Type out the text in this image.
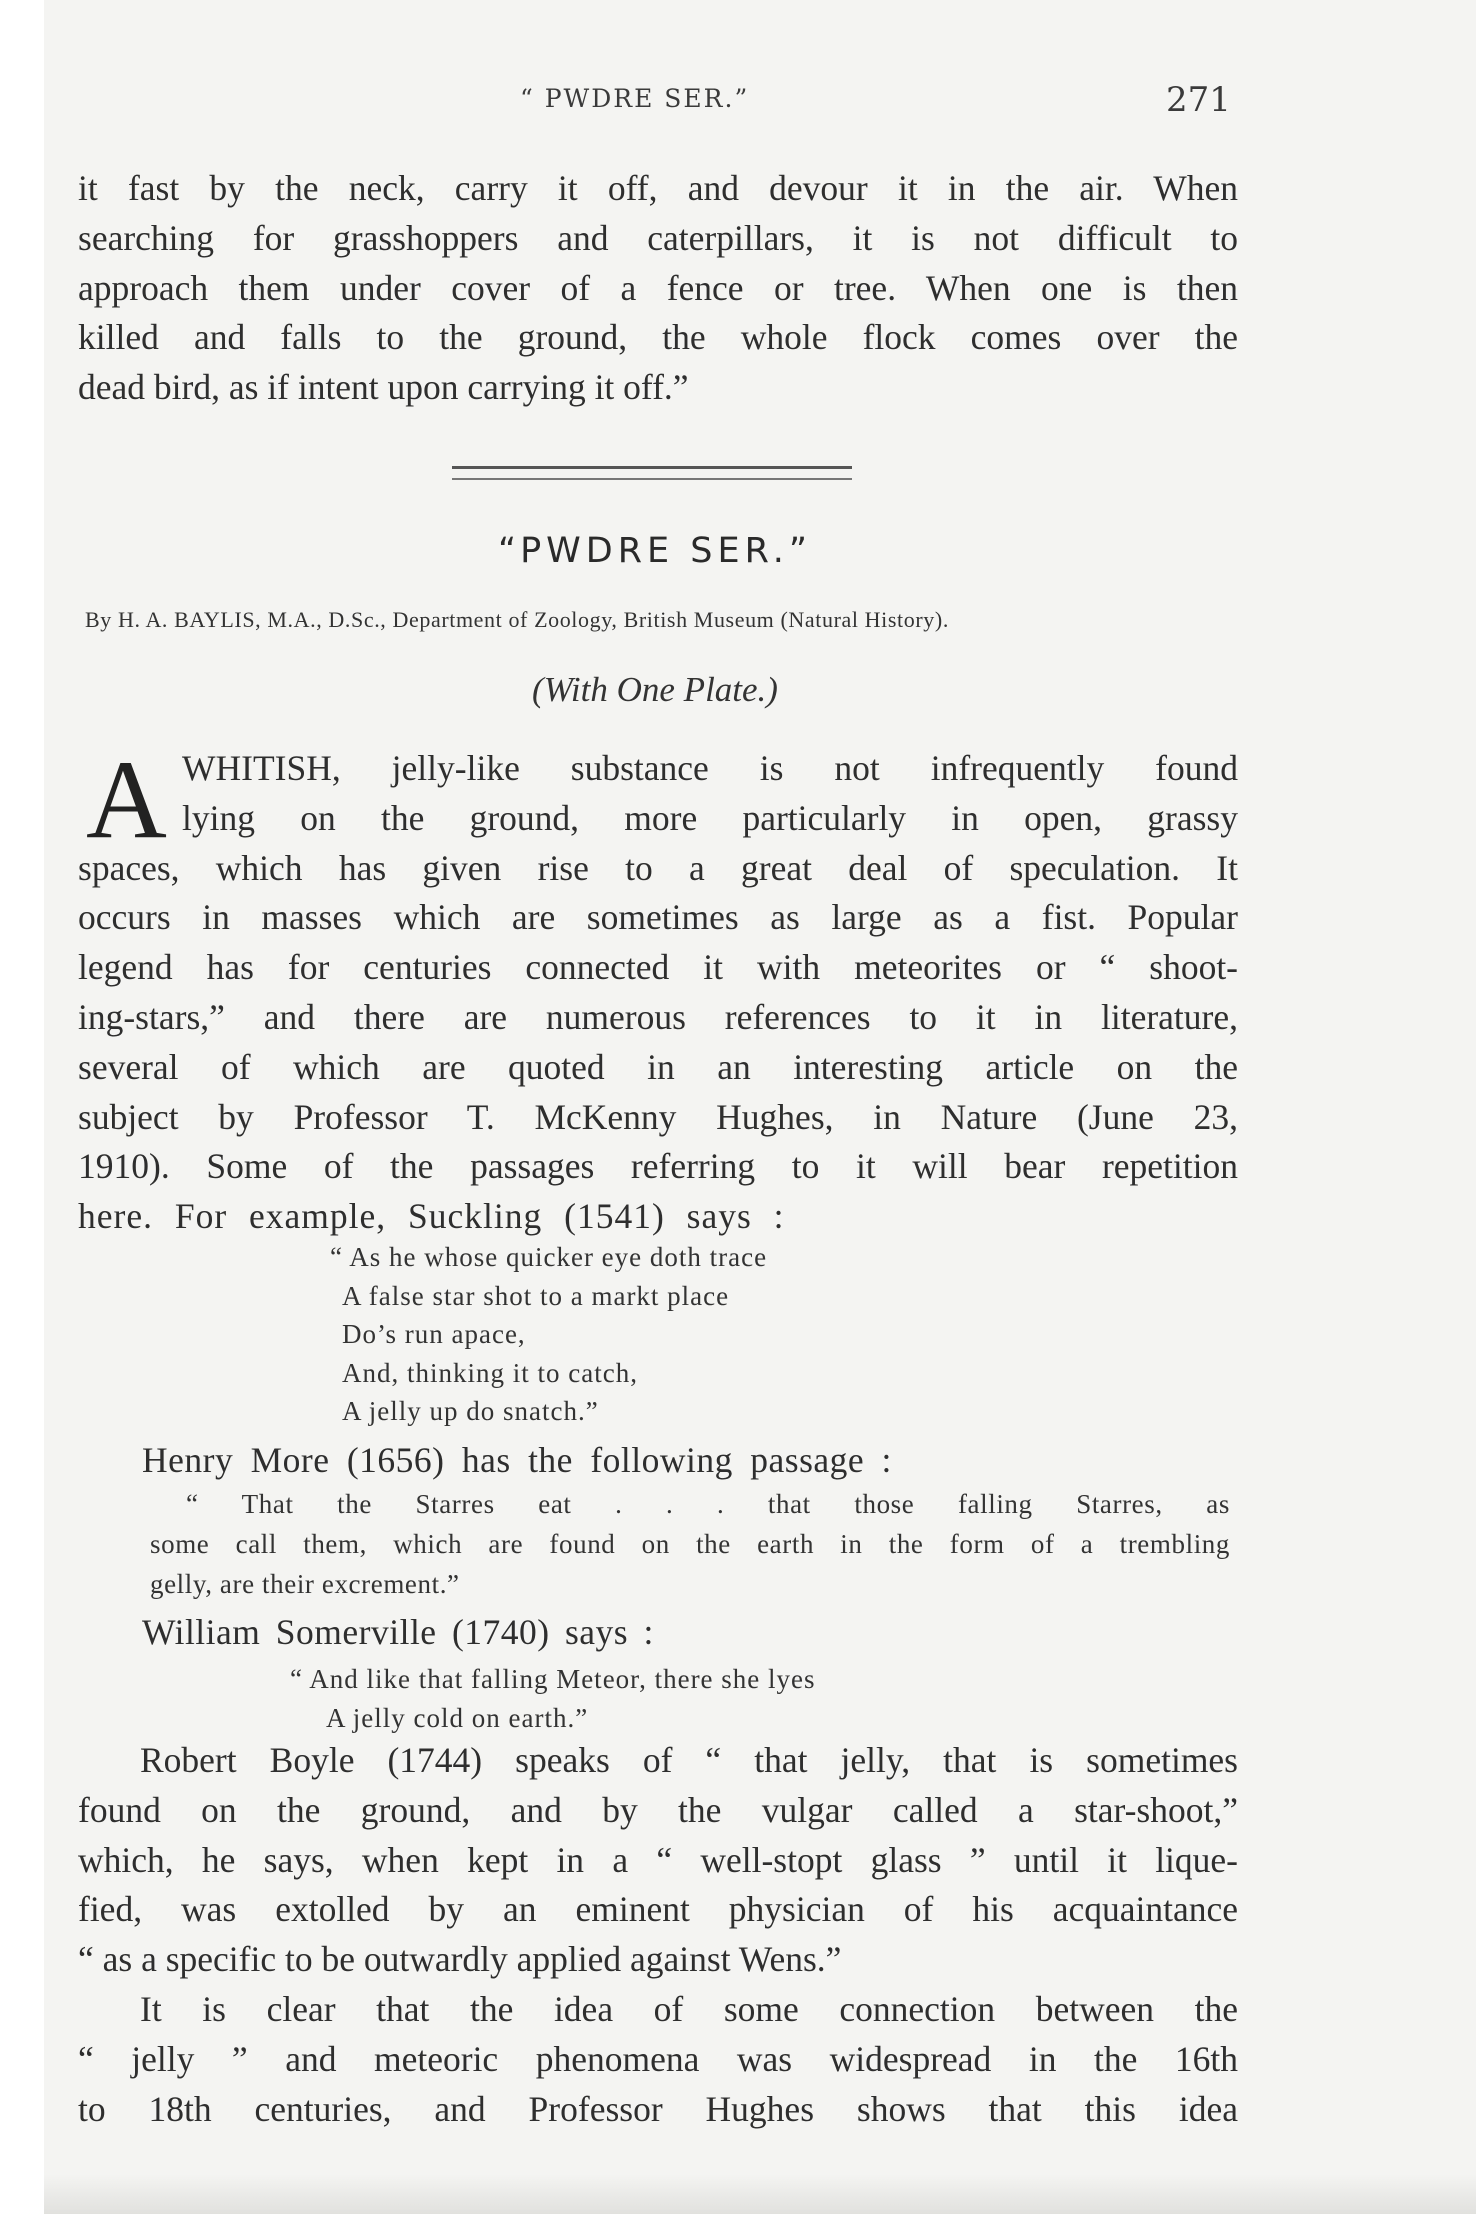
“ PWDRE SER.”	271
it fast by the neck, carry it off, and devour it in the air. When
searching for grasshoppers and caterpillars, it is not difficult to
approach them under cover of a fence or tree. When one is then
killed and falls to the ground, the whole flock comes over the
dead bird, as if intent upon carrying it off.”
“PWDRE SER.”
By H. A. BAYLIS, M.A., D.Sc., Department of Zoology, British Museum (Natural History).
(With One Plate.)
A WHITISH, jelly-like substance is not infrequently found
lying on the ground, more particularly in open, grassy
spaces, which has given rise to a great deal of speculation. It
occurs in masses which are sometimes as large as a fist. Popular
legend has for centuries connected it with meteorites or “ shoot-
ing-stars,” and there are numerous references to it in literature,
several of which are quoted in an interesting article on the
subject by Professor T. McKenny Hughes, in Nature (June 23,
1910). Some of the passages referring to it will bear repetition
here. For example, Suckling (1541) says :
“ As he whose quicker eye doth trace
A false star shot to a markt place
Do’s run apace,
And, thinking it to catch,
A jelly up do snatch.”
Henry More (1656) has the following passage :
“ That the Starres eat . . . that those falling Starres, as
some call them, which are found on the earth in the form of a trembling
gelly, are their excrement.”
William Somerville (1740) says :
“ And like that falling Meteor, there she lyes
A jelly cold on earth.”
Robert Boyle (1744) speaks of “ that jelly, that is sometimes
found on the ground, and by the vulgar called a star-shoot,”
which, he says, when kept in a “ well-stopt glass ” until it lique-
fied, was extolled by an eminent physician of his acquaintance
“ as a specific to be outwardly applied against Wens.”
It is clear that the idea of some connection between the
“ jelly ” and meteoric phenomena was widespread in the 16th
to 18th centuries, and Professor Hughes shows that this idea
